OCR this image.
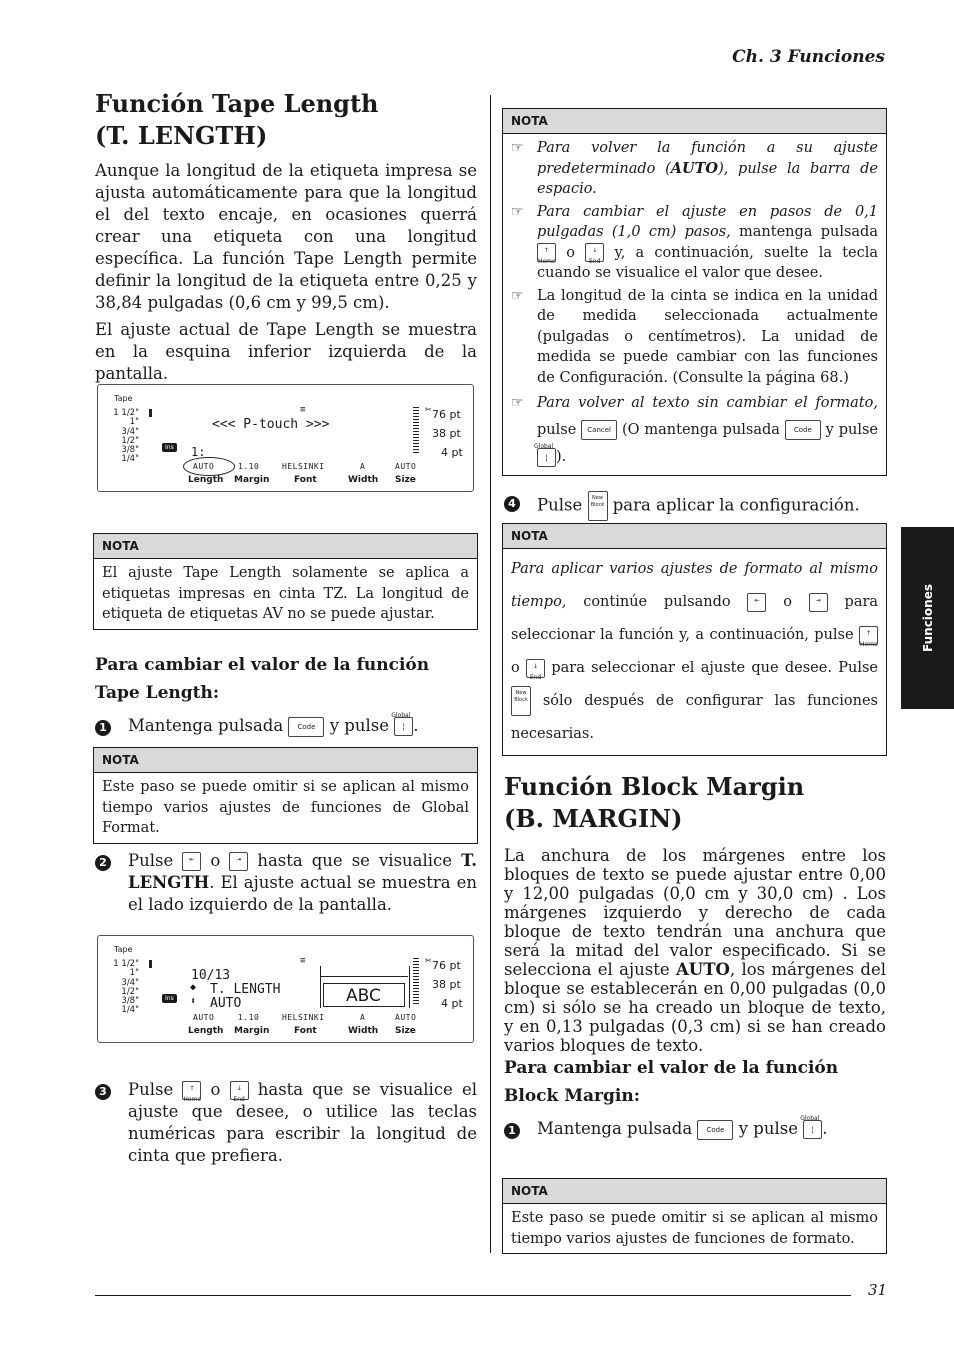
Ch. 3 Funciones
Funciones
Función Tape Length
(T. LENGTH)

Aunque la longitud de la etiqueta impresa se ajusta automáticamente para que la longitud el del texto encaje, en ocasiones querrá crear una etiqueta con una longitud específica. La función Tape Length permite definir la longitud de la etiqueta entre 0,25 y 38,84 pulgadas (0,6 cm y 99,5 cm).

El ajuste actual de Tape Length se muestra en la esquina inferior izquierda de la pantalla.

Tape
1 1/2"
1"
3/4"
1/2"
3/8"
1/4"
≡	✂
<<< P-touch >>>
Ins 1:
AUTO	1.10	HELSINKI	A	AUTO
Length Margin	Font	Width Size
76 pt
38 pt
4 pt
NOTA
El ajuste Tape Length solamente se aplica a etiquetas impresas en cinta TZ. La longitud de etiqueta de etiquetas AV no se puede ajustar.
Para cambiar el valor de la función Tape Length:
1	Mantenga pulsada Code y pulse
Global
¦ .
NOTA
Este paso se puede omitir si se aplican al mismo tiempo varios ajustes de funciones de Global Format.
2	Pulse	⇤ o	⇥ hasta que se visualice T. LENGTH. El ajuste actual se muestra en el lado izquierdo de la pantalla.
Tape
1 1/2"
1"
3/4"
1/2"
3/8"
1/4"
≡	✂
10/13
◆ T. LENGTH
⬍ AUTO
Ins	ABC
AUTO	1.10	HELSINKI	A	AUTO
Length Margin	Font	Width Size
76 pt
38 pt
4 pt
3	Pulse	↑
Home o	↓
End hasta que se visualice el ajuste que desee, o utilice las teclas numéricas para escribir la longitud de cinta que prefiera.
NOTA
☞ Para volver la función a su ajuste predeterminado (AUTO), pulse la barra de espacio.
☞ Para cambiar el ajuste en pasos de 0,1 pulgadas (1,0 cm) pasos, mantenga pulsada ↑
Home o	↓
End y, a continuación, suelte la tecla cuando se visualice el valor que desee.
☞ La longitud de la cinta se indica en la unidad de medida seleccionada actualmente (pulgadas o centímetros). La unidad de medida se puede cambiar con las funciones de Configuración. (Consulte la página 68.)
☞ Para volver al texto sin cambiar el formato, pulse Cancel (O mantenga pulsada Code y pulse
Global
¦ ).
4	Pulse New Block para aplicar la configuración.
NOTA
Para aplicar varios ajustes de formato al mismo tiempo, continúe pulsando	⇤ o	⇥ para seleccionar la función y, a continuación, pulse ↑
Home o ↓
End para seleccionar el ajuste que desee. Pulse New Block sólo después de configurar las funciones necesarias.
Función Block Margin
(B. MARGIN)

La anchura de los márgenes entre los bloques de texto se puede ajustar entre 0,00 y 12,00 pulgadas (0,0 cm y 30,0 cm) . Los márgenes izquierdo y derecho de cada bloque de texto tendrán una anchura que será la mitad del valor especificado. Si se selecciona el ajuste AUTO, los márgenes del bloque se establecerán en 0,00 pulgadas (0,0 cm) si sólo se ha creado un bloque de texto, y en 0,13 pulgadas (0,3 cm) si se han creado varios bloques de texto.

Para cambiar el valor de la función Block Margin:
1	Mantenga pulsada Code y pulse
Global
¦ .
NOTA
Este paso se puede omitir si se aplican al mismo tiempo varios ajustes de funciones de formato.
31
